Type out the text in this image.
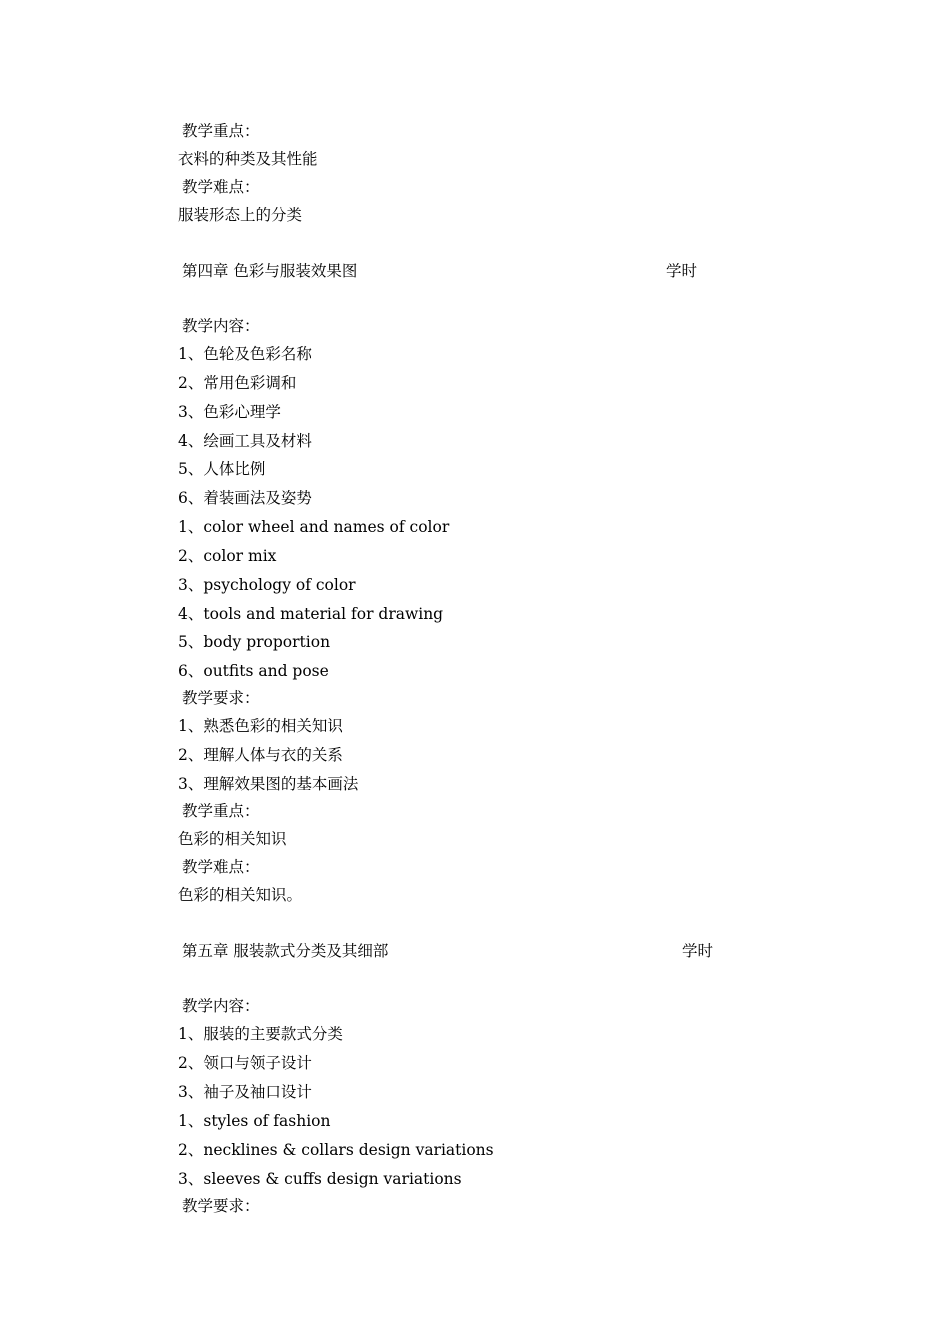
教学重点：
衣料的种类及其性能
教学难点：
服装形态上的分类
第四章 色彩与服装效果图	学时
教学内容：
1、色轮及色彩名称
2、常用色彩调和
3、色彩心理学
4、绘画工具及材料
5、人体比例
6、着装画法及姿势
1、color wheel and names of color
2、color mix
3、psychology of color
4、tools and material for drawing
5、body proportion
6、outfits and pose
教学要求：
1、熟悉色彩的相关知识
2、理解人体与衣的关系
3、理解效果图的基本画法
教学重点：
色彩的相关知识
教学难点：
色彩的相关知识。
第五章 服装款式分类及其细部	学时
教学内容：
1、服装的主要款式分类
2、领口与领子设计
3、袖子及袖口设计
1、styles of fashion
2、necklines & collars design variations
3、sleeves & cuffs design variations
教学要求：
